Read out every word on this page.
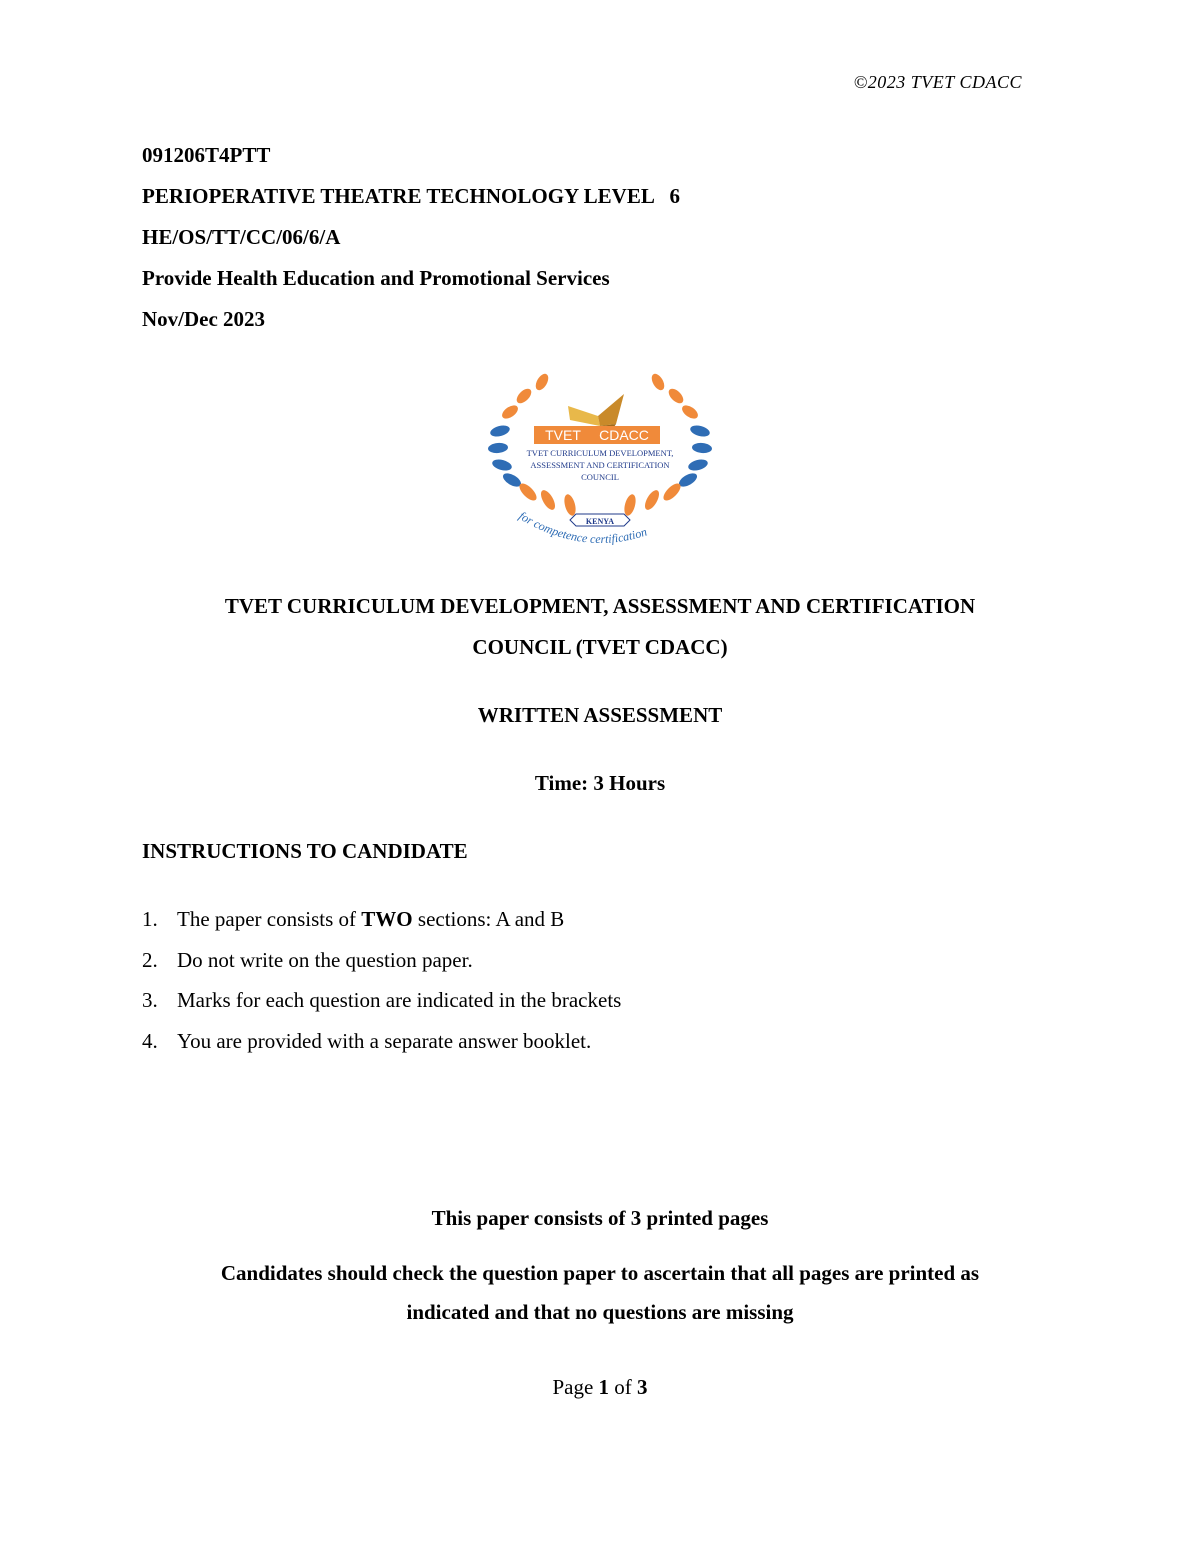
©2023 TVET CDACC
091206T4PTT
PERIOPERATIVE THEATRE TECHNOLOGY LEVEL   6
HE/OS/TT/CC/06/6/A
Provide Health Education and Promotional Services
Nov/Dec 2023
TVET CDACC
TVET CURRICULUM DEVELOPMENT,
ASSESSMENT AND CERTIFICATION
COUNCIL
KENYA
for competence certification
TVET CURRICULUM DEVELOPMENT, ASSESSMENT AND CERTIFICATION
COUNCIL (TVET CDACC)
WRITTEN ASSESSMENT
Time: 3 Hours
INSTRUCTIONS TO CANDIDATE
1. The paper consists of TWO sections: A and B
2. Do not write on the question paper.
3. Marks for each question are indicated in the brackets
4. You are provided with a separate answer booklet.
This paper consists of 3 printed pages
Candidates should check the question paper to ascertain that all pages are printed as
indicated and that no questions are missing
Page 1 of 3
